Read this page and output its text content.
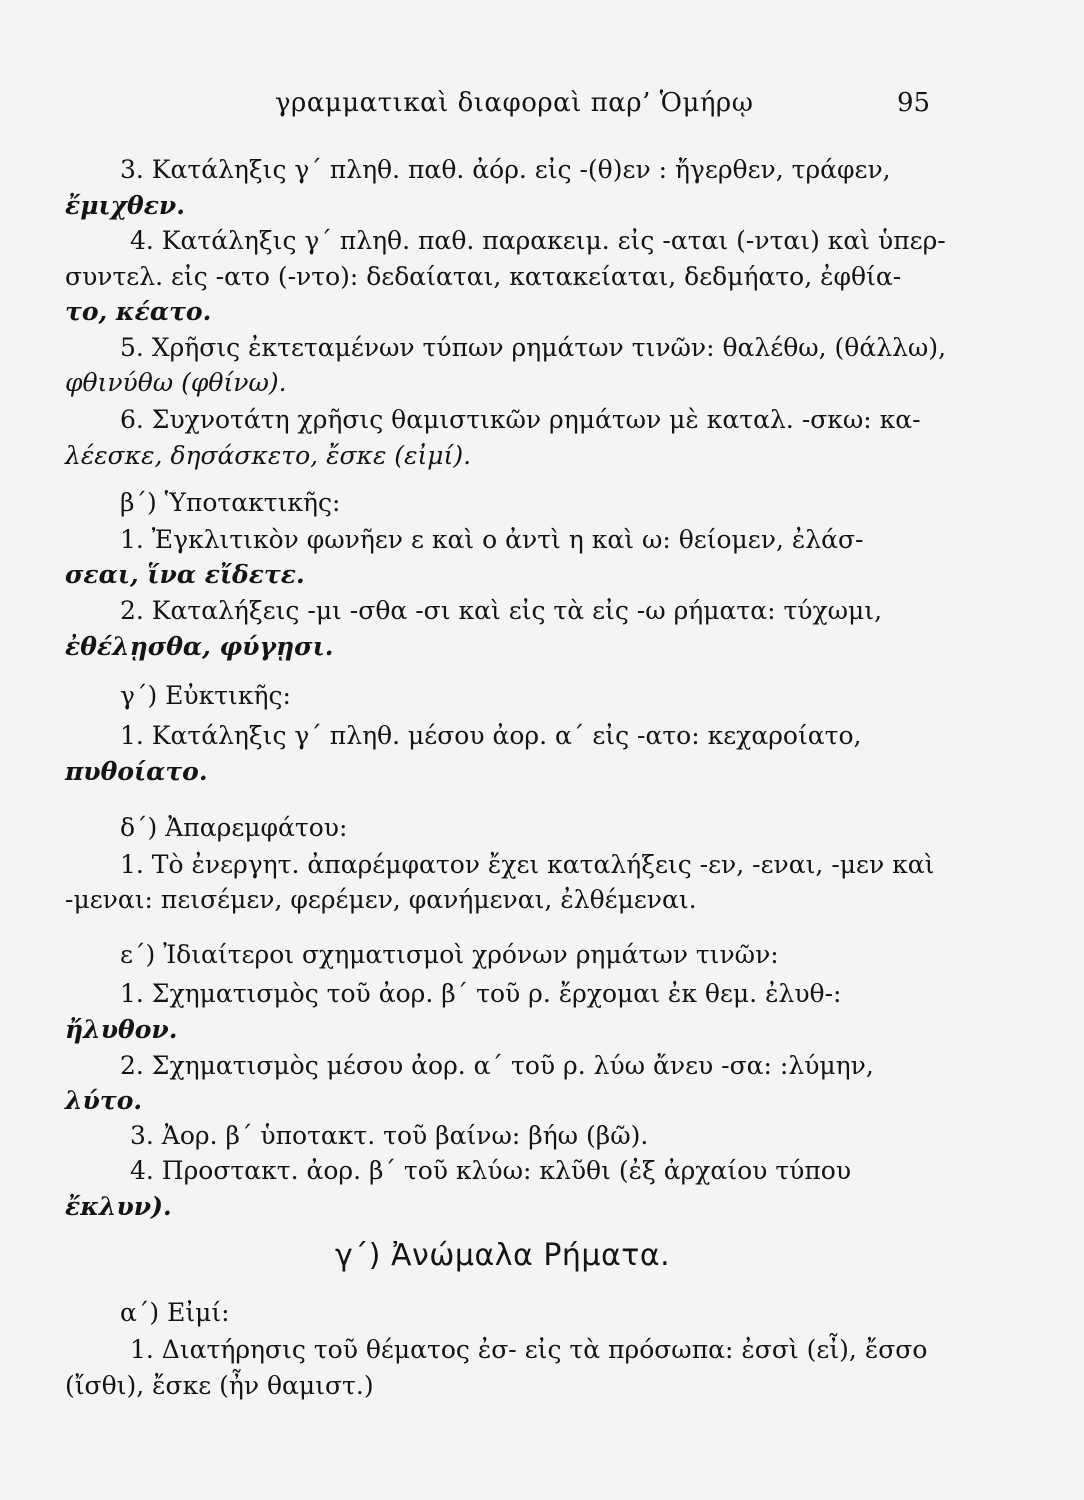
γραμματικαὶ διαφοραὶ παρ’ Ὁμήρῳ	95
3. Κατάληξις γ΄ πληθ. παθ. ἀόρ. εἰς -(θ)εν : ἤγερθεν, τράφεν,
ἔμιχθεν.
4. Κατάληξις γ΄ πληθ. παθ. παρακειμ. εἰς -αται (-νται) καὶ ὑπερ-
συντελ. εἰς -ατο (-ντο): δεδαίαται, κατακείαται, δεδμήατο, ἐφθία-
το, κέατο.
5. Χρῆσις ἐκτεταμένων τύπων ρημάτων τινῶν: θαλέθω, (θάλλω),
φθινύθω (φθίνω).
6. Συχνοτάτη χρῆσις θαμιστικῶν ρημάτων μὲ καταλ. -σκω: κα-
λέεσκε, δησάσκετο, ἔσκε (εἰμί).
β΄) Ὑποτακτικῆς:
1. Ἐγκλιτικὸν φωνῆεν ε καὶ ο ἀντὶ η καὶ ω: θείομεν, ἐλάσ-
σεαι, ἵνα εἴδετε.
2. Καταλήξεις -μι -σθα -σι καὶ εἰς τὰ εἰς -ω ρήματα: τύχωμι,
ἐθέλῃσθα, φύγῃσι.
γ΄) Εὐκτικῆς:
1. Κατάληξις γ΄ πληθ. μέσου ἀορ. α΄ εἰς -ατο: κεχαροίατο,
πυθοίατο.
δ΄) Ἀπαρεμφάτου:
1. Τὸ ἐνεργητ. ἀπαρέμφατον ἔχει καταλήξεις -εν, -εναι, -μεν καὶ
-μεναι: πεισέμεν, φερέμεν, φανήμεναι, ἐλθέμεναι.
ε΄) Ἰδιαίτεροι σχηματισμοὶ χρόνων ρημάτων τινῶν:
1. Σχηματισμὸς τοῦ ἀορ. β΄ τοῦ ρ. ἔρχομαι ἐκ θεμ. ἐλυθ-:
ἤλυθον.
2. Σχηματισμὸς μέσου ἀορ. α΄ τοῦ ρ. λύω ἄνευ -σα: :λύμην,
λύτο.
3. Ἀορ. β΄ ὑποτακτ. τοῦ βαίνω: βήω (βῶ).
4. Προστακτ. ἀορ. β΄ τοῦ κλύω: κλῦθι (ἐξ ἀρχαίου τύπου
ἔκλυν).
γ΄) Ἀνώμαλα Ρήματα.
α΄) Εἰμί:
1. Διατήρησις τοῦ θέματος ἐσ- εἰς τὰ πρόσωπα: ἐσσὶ (εἶ), ἔσσο
(ἴσθι), ἔσκε (ἦν θαμιστ.)
